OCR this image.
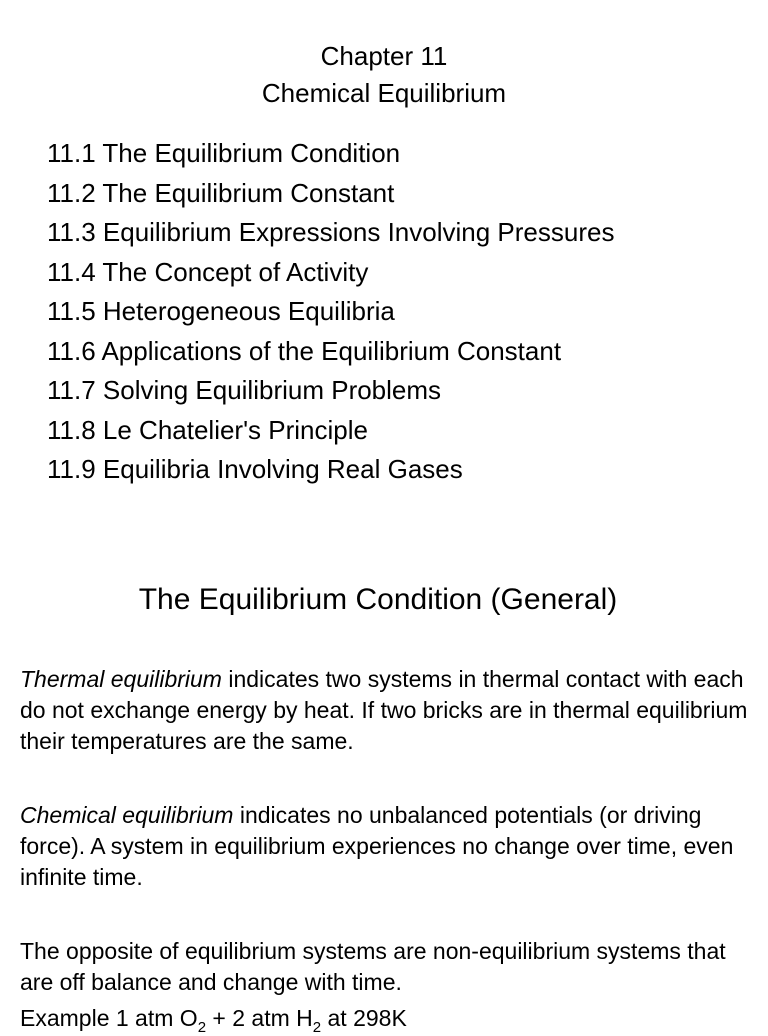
Chapter 11
Chemical Equilibrium
11.1 The Equilibrium Condition
11.2 The Equilibrium Constant
11.3 Equilibrium Expressions Involving Pressures
11.4 The Concept of Activity
11.5 Heterogeneous Equilibria
11.6 Applications of the Equilibrium Constant
11.7 Solving Equilibrium Problems
11.8 Le Chatelier's Principle
11.9 Equilibria Involving Real Gases
The Equilibrium Condition (General)

Thermal equilibrium indicates two systems in thermal contact with each do not exchange energy by heat. If two bricks are in thermal equilibrium their temperatures are the same.

Chemical equilibrium indicates no unbalanced potentials (or driving force). A system in equilibrium experiences no change over time, even infinite time.

The opposite of equilibrium systems are non-equilibrium systems that are off balance and change with time.

Example 1 atm $O_2 + 2$ atm $H_2$ at 298K
